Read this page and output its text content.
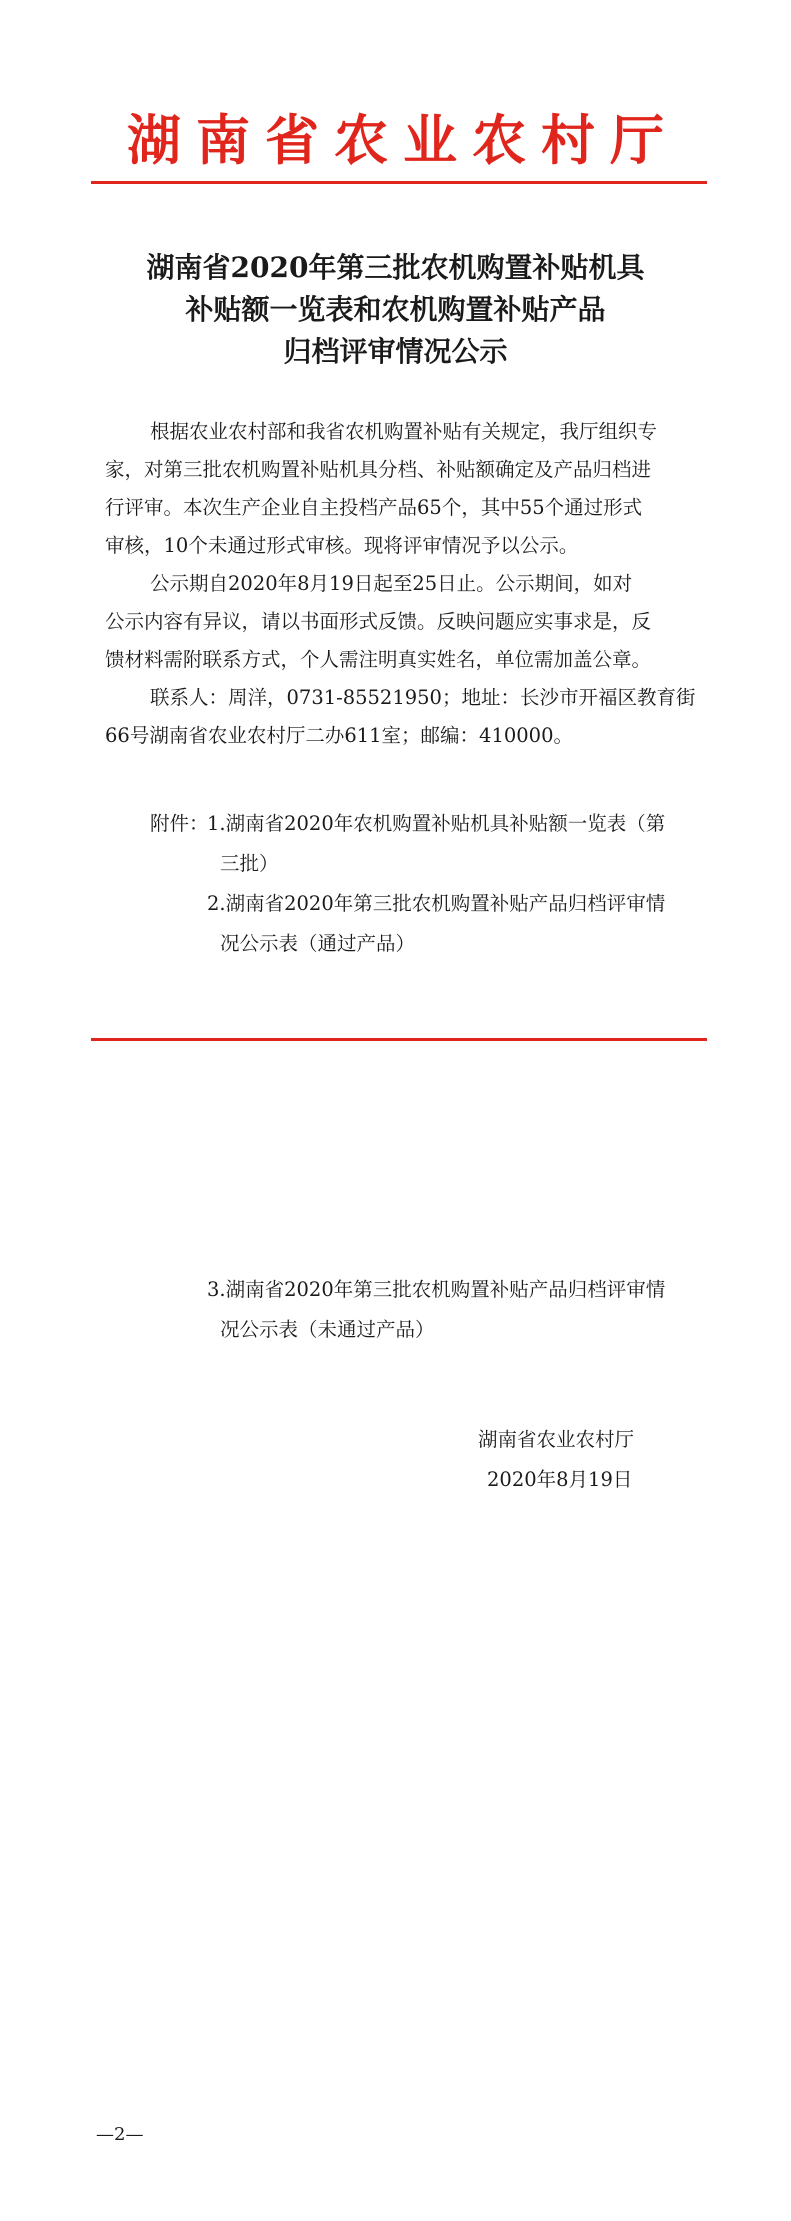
湖南省农业农村厅
湖南省2020年第三批农机购置补贴机具
补贴额一览表和农机购置补贴产品
归档评审情况公示
根据农业农村部和我省农机购置补贴有关规定，我厅组织专
家，对第三批农机购置补贴机具分档、补贴额确定及产品归档进
行评审。本次生产企业自主投档产品65个，其中55个通过形式
审核，10个未通过形式审核。现将评审情况予以公示。
公示期自2020年8月19日起至25日止。公示期间，如对
公示内容有异议，请以书面形式反馈。反映问题应实事求是，反
馈材料需附联系方式，个人需注明真实姓名，单位需加盖公章。
联系人：周洋，0731-85521950；地址：长沙市开福区教育街
66号湖南省农业农村厅二办611室；邮编：410000。
附件：
1.湖南省2020年农机购置补贴机具补贴额一览表（第
三批）
2.湖南省2020年第三批农机购置补贴产品归档评审情
况公示表（通过产品）
3.湖南省2020年第三批农机购置补贴产品归档评审情
况公示表（未通过产品）
湖南省农业农村厅
2020年8月19日
—2—
